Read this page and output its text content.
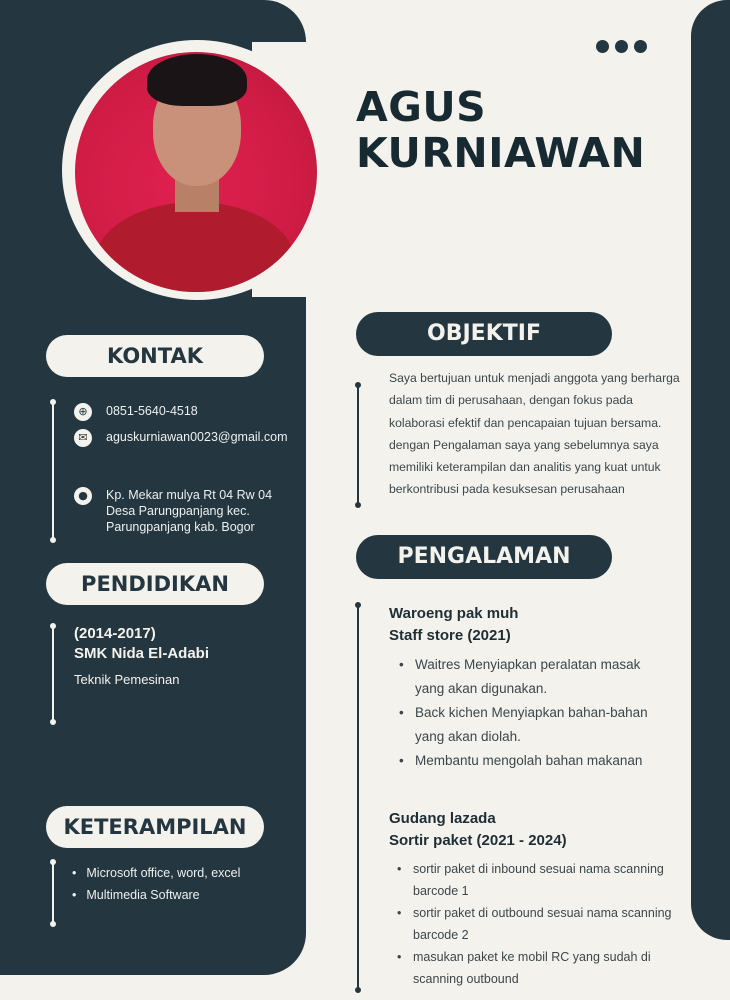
AGUS
KURNIAWAN
KONTAK
⊕	0851-5640-4518
✉	aguskurniawan0023@gmail.com
●	Kp. Mekar mulya Rt 04 Rw 04
Desa Parungpanjang kec.
Parungpanjang kab. Bogor
PENDIDIKAN
(2014-2017)
SMK Nida El-Adabi
Teknik Pemesinan
KETERAMPILAN
• Microsoft office, word, excel
• Multimedia Software
OBJEKTIF
Saya bertujuan untuk menjadi anggota yang berharga dalam tim di perusahaan, dengan fokus pada kolaborasi efektif dan pencapaian tujuan bersama. dengan Pengalaman saya yang sebelumnya saya memiliki keterampilan dan analitis yang kuat untuk berkontribusi pada kesuksesan perusahaan
PENGALAMAN
Waroeng pak muh
Staff store (2021)
• Waitres Menyiapkan peralatan masak yang akan digunakan.
• Back kichen Menyiapkan bahan-bahan yang akan diolah.
• Membantu mengolah bahan makanan
Gudang lazada
Sortir paket (2021 - 2024)
• sortir paket di inbound sesuai nama scanning barcode 1
• sortir paket di outbound sesuai nama scanning barcode 2
• masukan paket ke mobil RC yang sudah di scanning outbound
